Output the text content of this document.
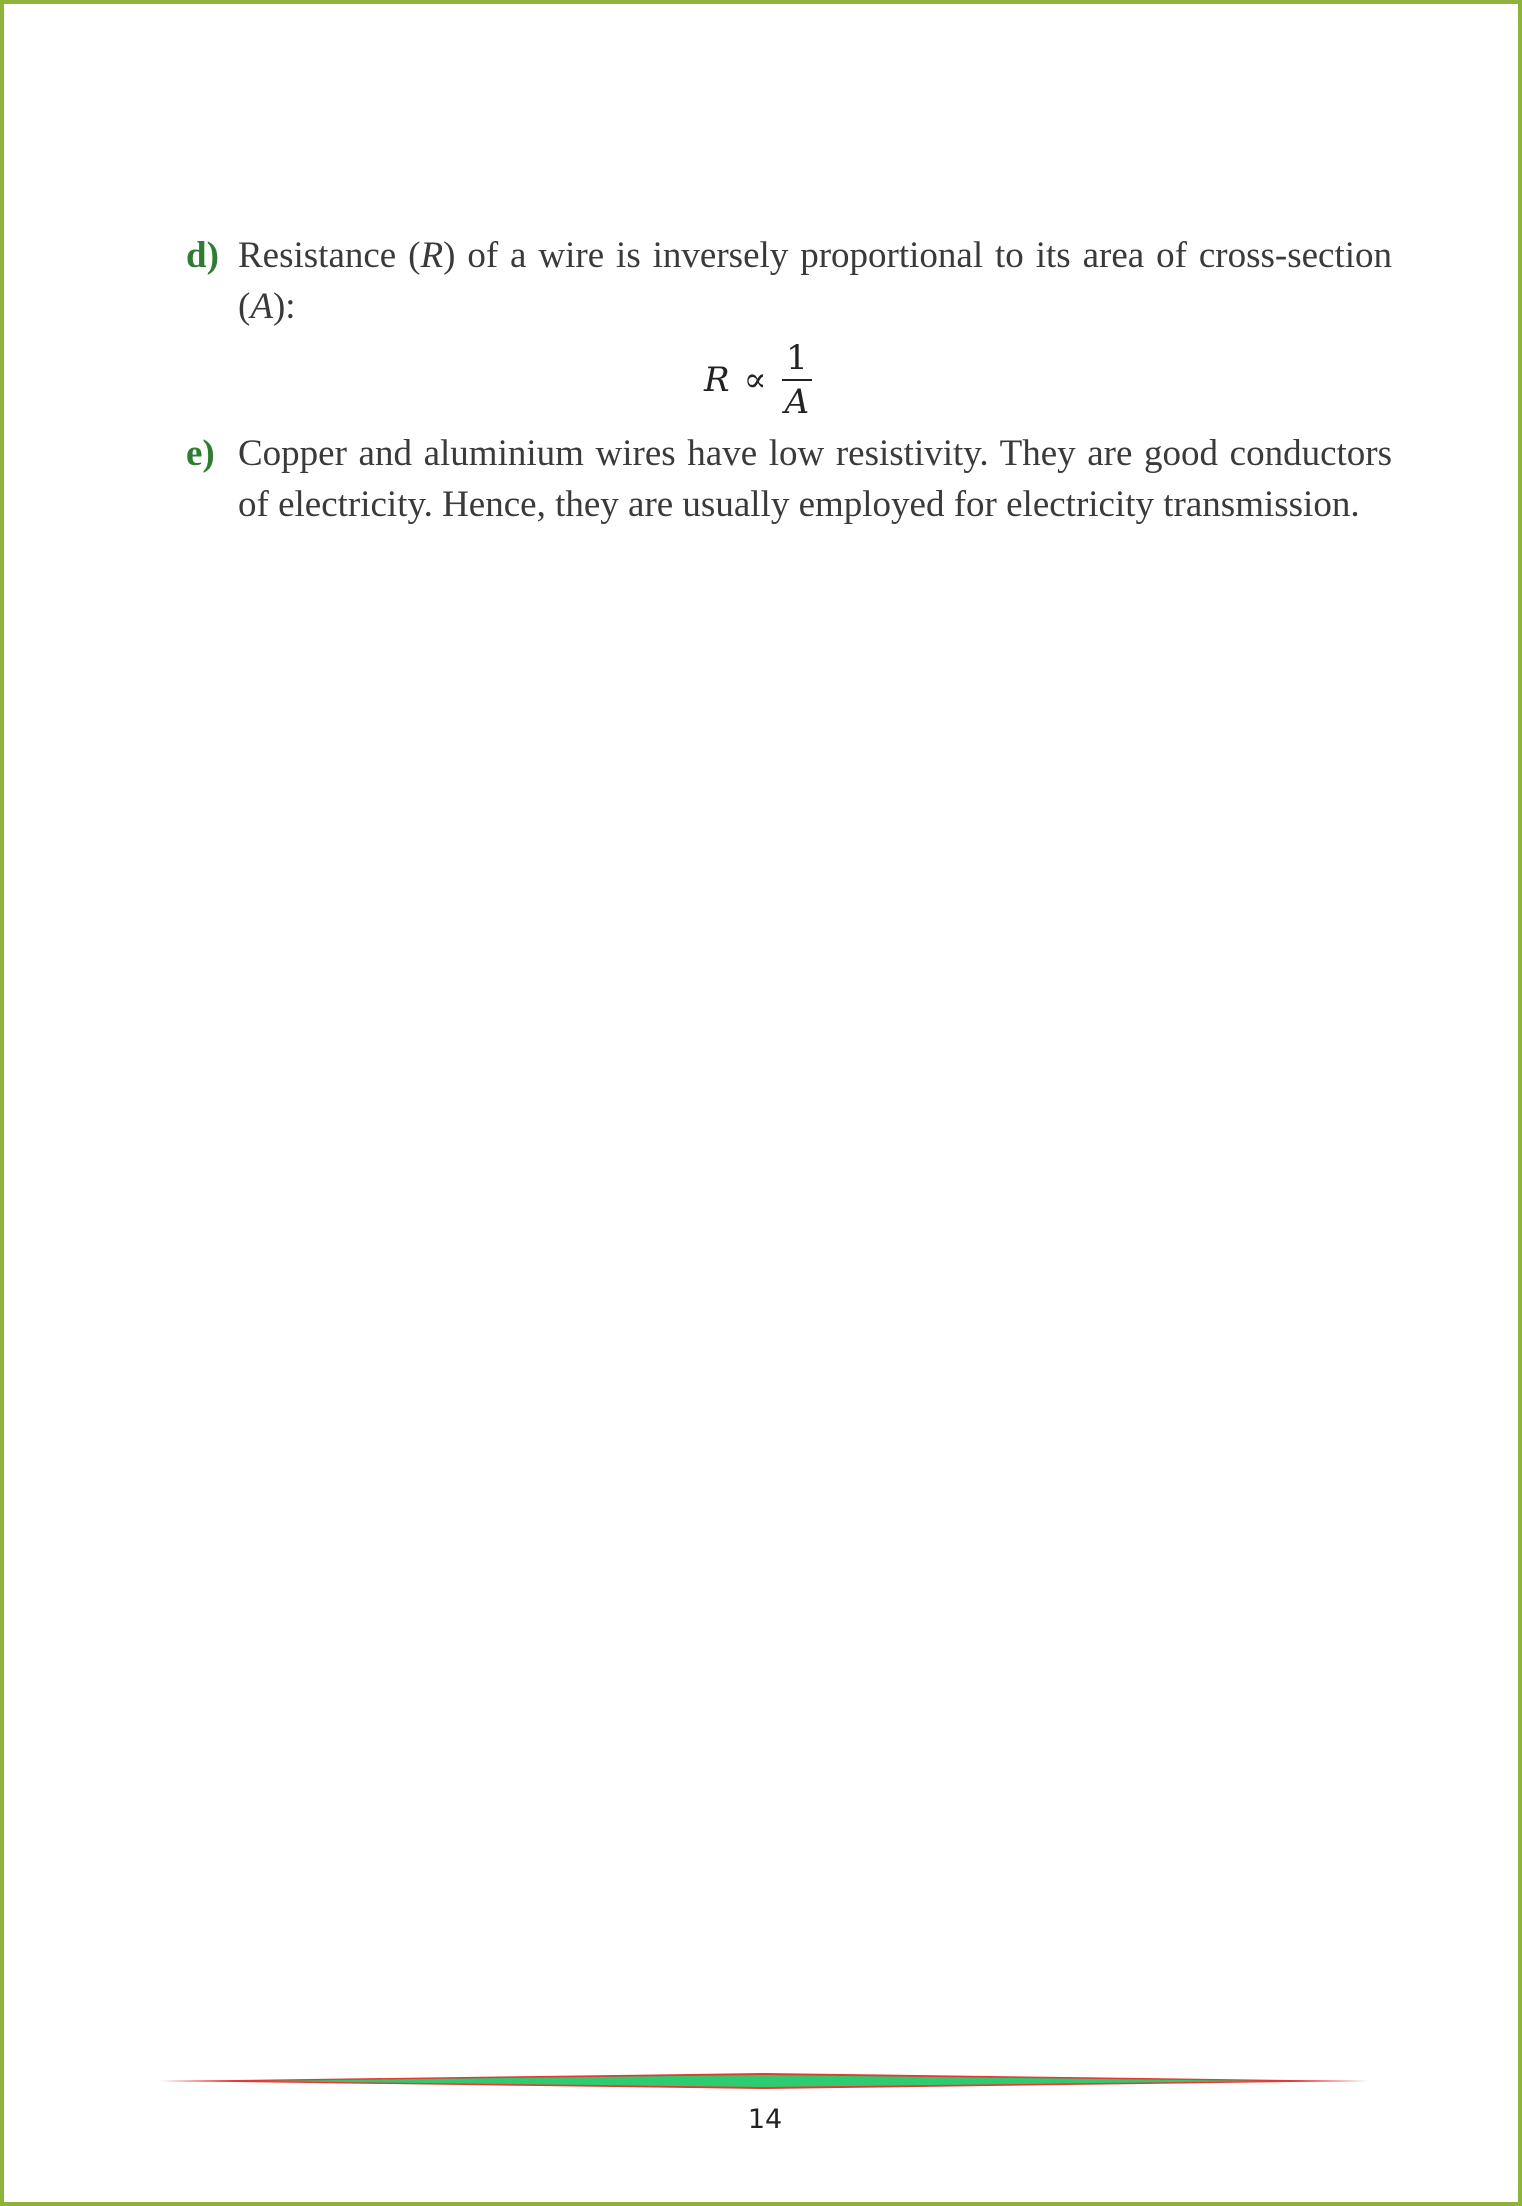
d) Resistance (R) of a wire is inversely proportional to its area of cross-section (A):
$R \propto \frac{1}{A}$
e) Copper and aluminium wires have low resistivity. They are good conductors of electricity. Hence, they are usually employed for electricity transmission.
14
